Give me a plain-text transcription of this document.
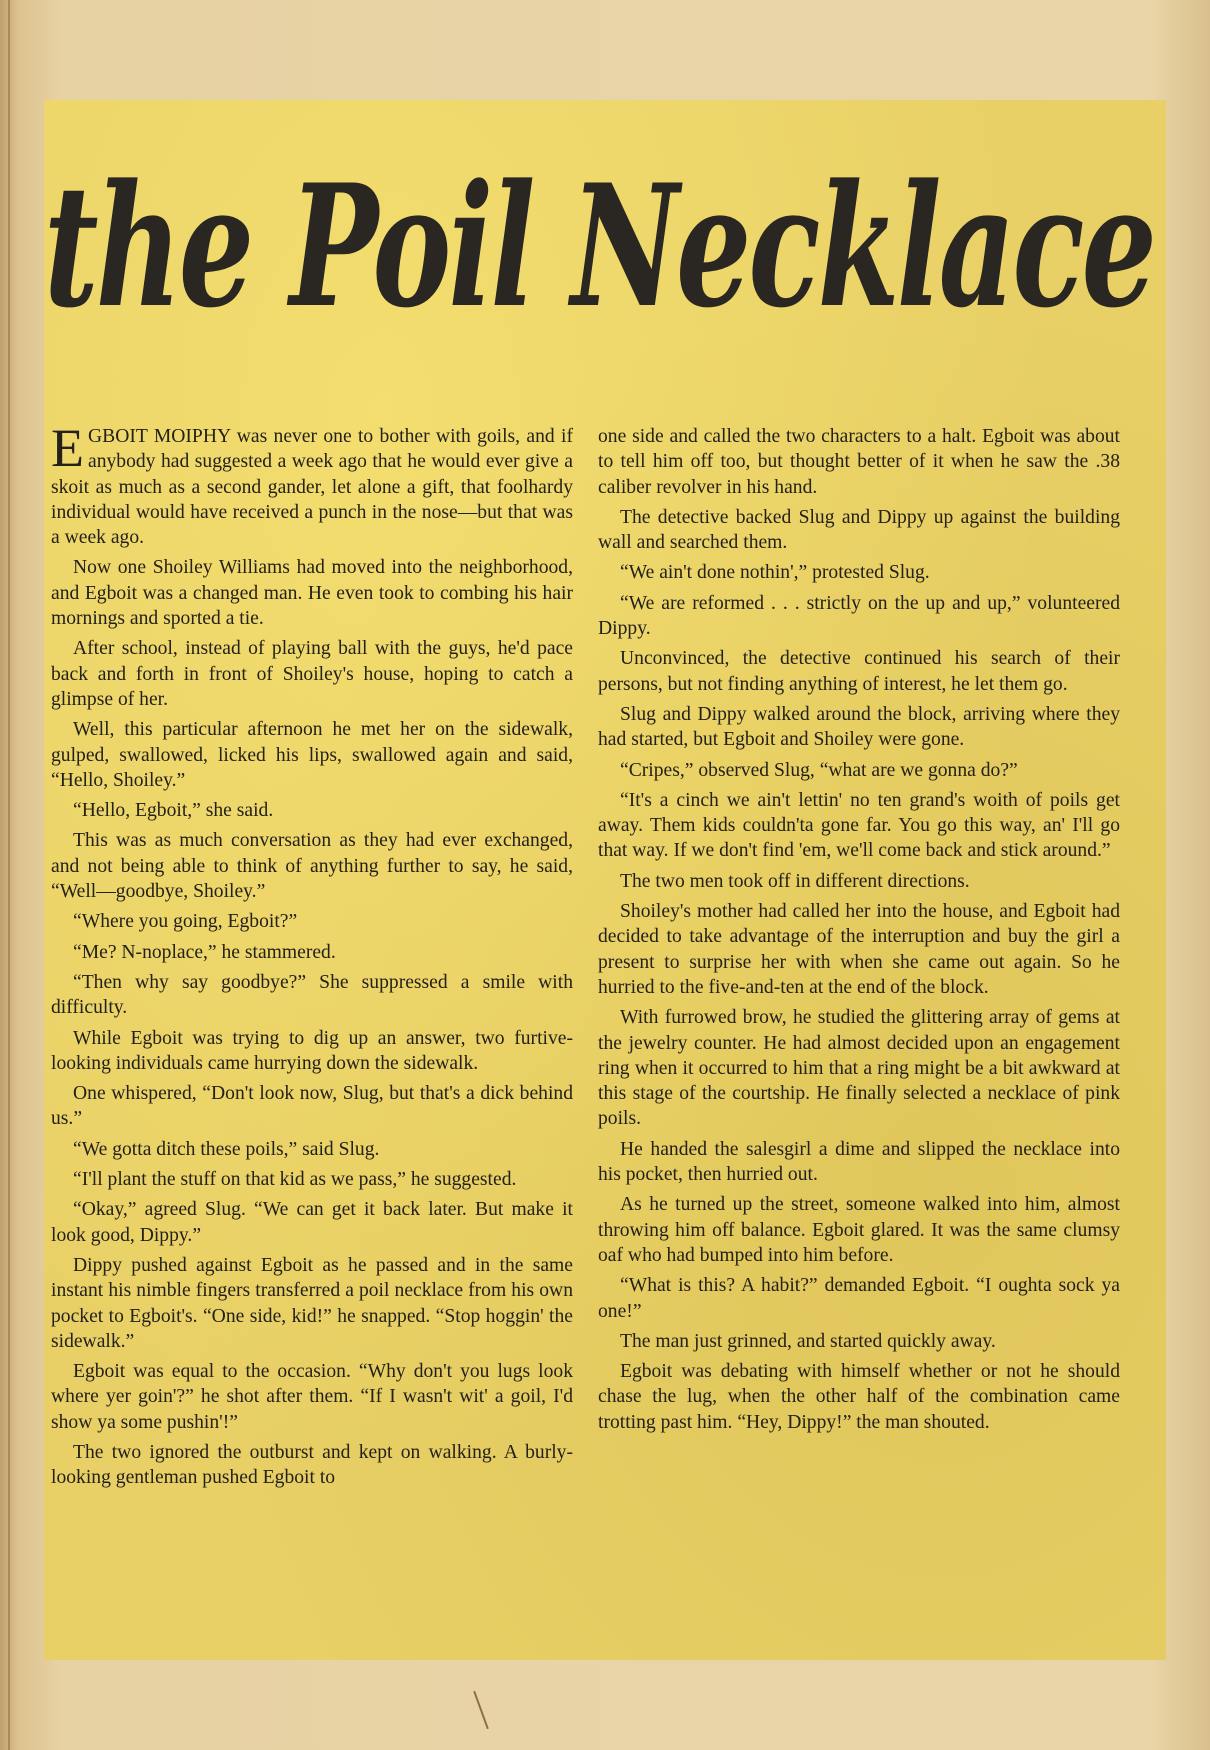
the Poil Necklace

EGBOIT MOIPHY was never one to bother with goils, and if anybody had suggested a week ago that he would ever give a skoit as much as a second gander, let alone a gift, that foolhardy individual would have received a punch in the nose—but that was a week ago.

Now one Shoiley Williams had moved into the neighborhood, and Egboit was a changed man. He even took to combing his hair mornings and sported a tie.

After school, instead of playing ball with the guys, he'd pace back and forth in front of Shoiley's house, hoping to catch a glimpse of her.

Well, this particular afternoon he met her on the sidewalk, gulped, swallowed, licked his lips, swallowed again and said, “Hello, Shoiley.”

“Hello, Egboit,” she said.

This was as much conversation as they had ever exchanged, and not being able to think of anything further to say, he said, “Well—goodbye, Shoiley.”

“Where you going, Egboit?”

“Me? N-noplace,” he stammered.

“Then why say goodbye?” She suppressed a smile with difficulty.

While Egboit was trying to dig up an answer, two furtive-looking individuals came hurrying down the sidewalk.

One whispered, “Don't look now, Slug, but that's a dick behind us.”

“We gotta ditch these poils,” said Slug.

“I'll plant the stuff on that kid as we pass,” he suggested.

“Okay,” agreed Slug. “We can get it back later. But make it look good, Dippy.”

Dippy pushed against Egboit as he passed and in the same instant his nimble fingers transferred a poil necklace from his own pocket to Egboit's. “One side, kid!” he snapped. “Stop hoggin' the sidewalk.”

Egboit was equal to the occasion. “Why don't you lugs look where yer goin'?” he shot after them. “If I wasn't wit' a goil, I'd show ya some pushin'!”

The two ignored the outburst and kept on walking. A burly-looking gentleman pushed Egboit to

one side and called the two characters to a halt. Egboit was about to tell him off too, but thought better of it when he saw the .38 caliber revolver in his hand.

The detective backed Slug and Dippy up against the building wall and searched them.

“We ain't done nothin',” protested Slug.

“We are reformed . . . strictly on the up and up,” volunteered Dippy.

Unconvinced, the detective continued his search of their persons, but not finding anything of interest, he let them go.

Slug and Dippy walked around the block, arriving where they had started, but Egboit and Shoiley were gone.

“Cripes,” observed Slug, “what are we gonna do?”

“It's a cinch we ain't lettin' no ten grand's woith of poils get away. Them kids couldn'ta gone far. You go this way, an' I'll go that way. If we don't find 'em, we'll come back and stick around.”

The two men took off in different directions.

Shoiley's mother had called her into the house, and Egboit had decided to take advantage of the interruption and buy the girl a present to surprise her with when she came out again. So he hurried to the five-and-ten at the end of the block.

With furrowed brow, he studied the glittering array of gems at the jewelry counter. He had almost decided upon an engagement ring when it occurred to him that a ring might be a bit awkward at this stage of the courtship. He finally selected a necklace of pink poils.

He handed the salesgirl a dime and slipped the necklace into his pocket, then hurried out.

As he turned up the street, someone walked into him, almost throwing him off balance. Egboit glared. It was the same clumsy oaf who had bumped into him before.

“What is this? A habit?” demanded Egboit. “I oughta sock ya one!”

The man just grinned, and started quickly away.

Egboit was debating with himself whether or not he should chase the lug, when the other half of the combination came trotting past him. “Hey, Dippy!” the man shouted.
